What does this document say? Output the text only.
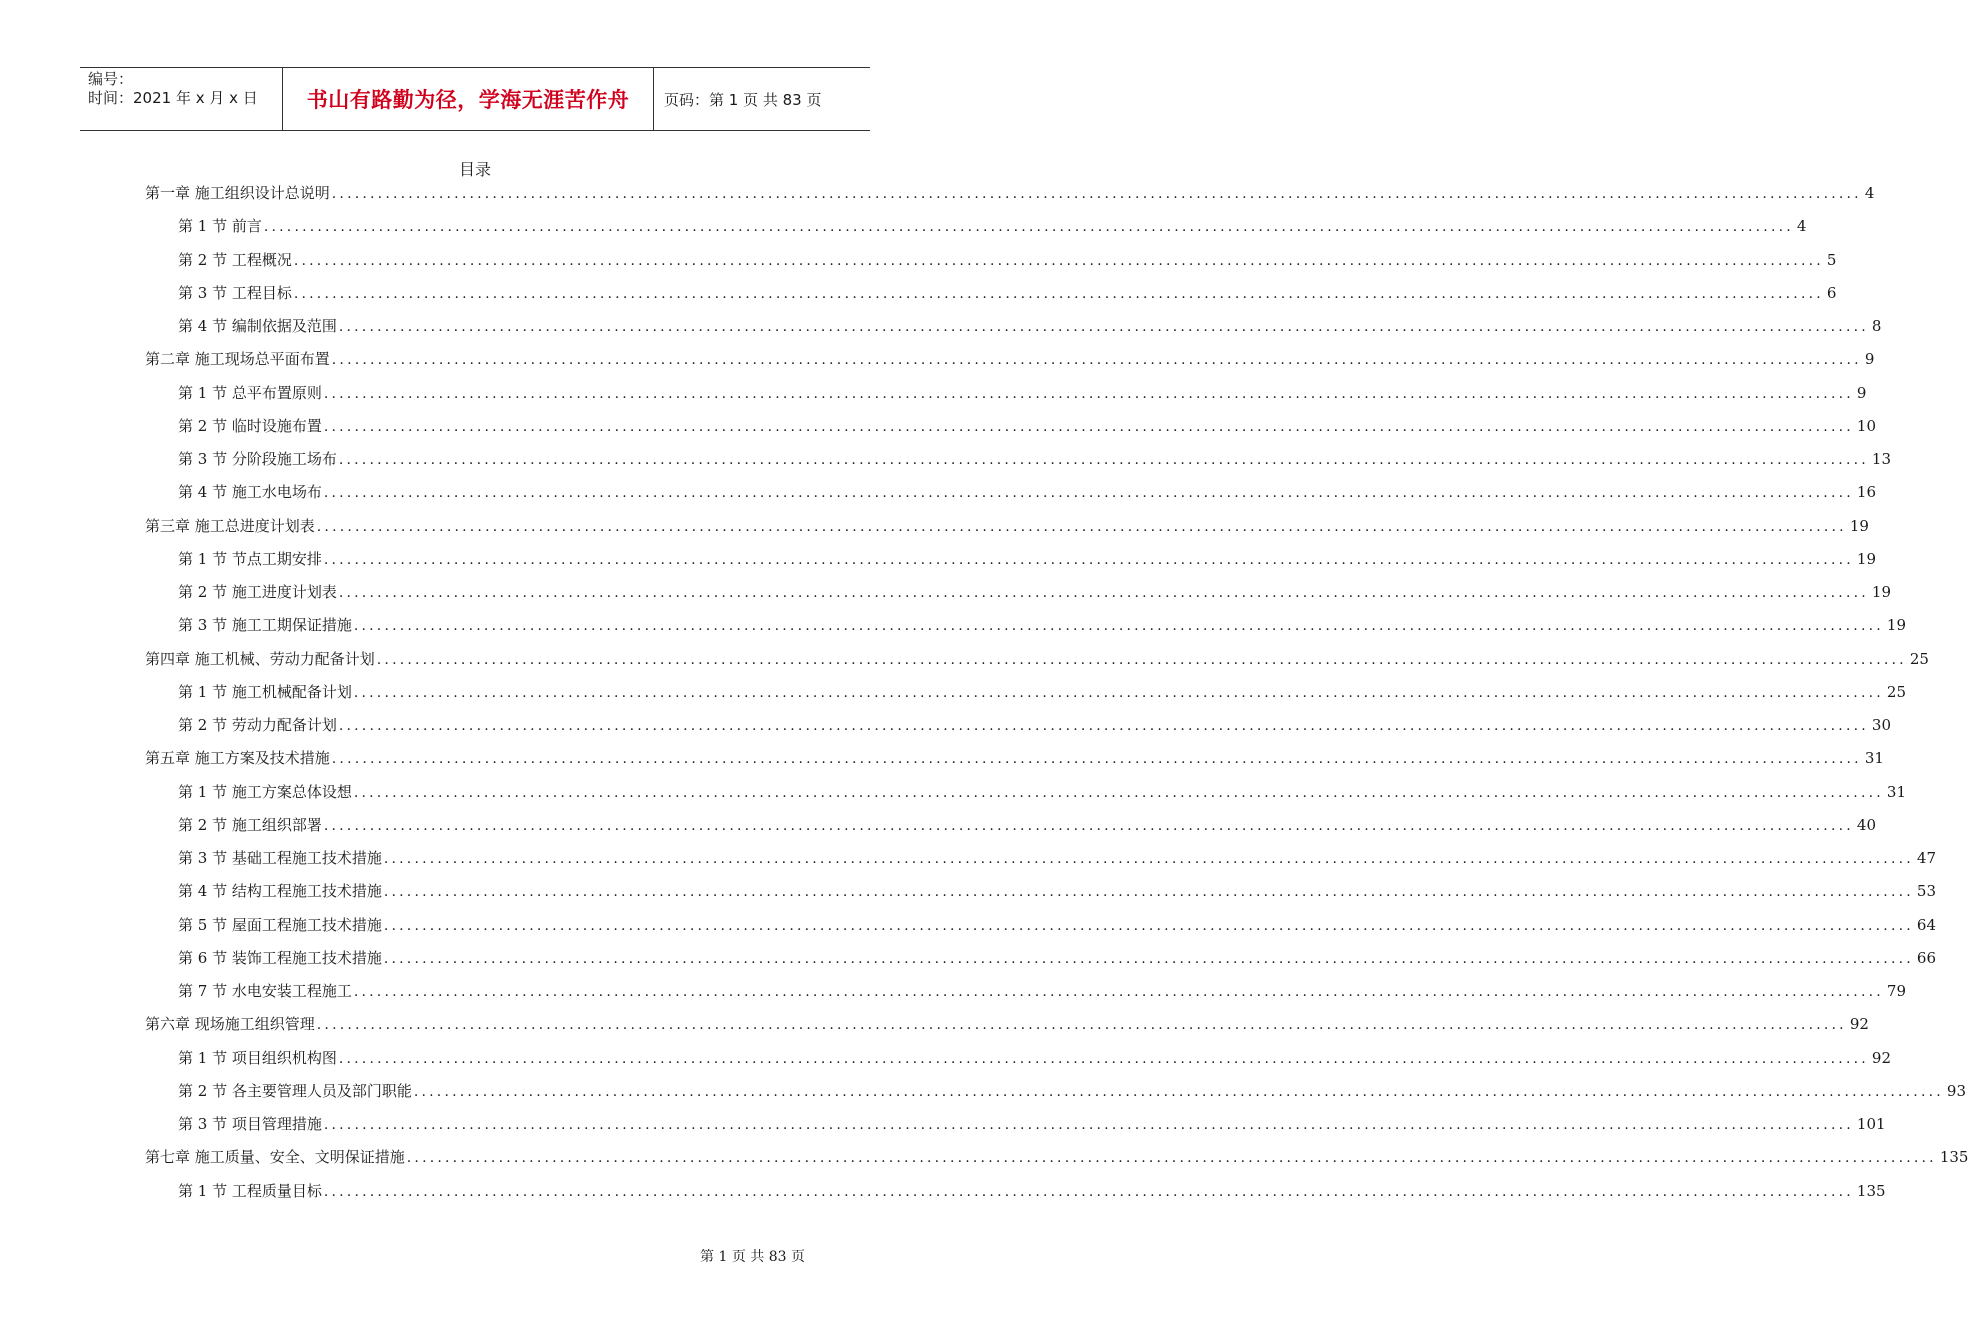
编号：
时间：2021 年 x 月 x 日	书山有路勤为径，学海无涯苦作舟 页码：第 1 页 共 83 页
目录
第一章 施工组织设计总说明 ........................................................................................................................................................................................................ 4
第 1 节 前言 ........................................................................................................................................................................................................ 4
第 2 节 工程概况 ........................................................................................................................................................................................................ 5
第 3 节 工程目标 ........................................................................................................................................................................................................ 6
第 4 节 编制依据及范围 ........................................................................................................................................................................................................ 8
第二章 施工现场总平面布置 ........................................................................................................................................................................................................ 9
第 1 节 总平布置原则 ........................................................................................................................................................................................................ 9
第 2 节 临时设施布置 ........................................................................................................................................................................................................ 10
第 3 节 分阶段施工场布 ........................................................................................................................................................................................................ 13
第 4 节 施工水电场布 ........................................................................................................................................................................................................ 16
第三章 施工总进度计划表 ........................................................................................................................................................................................................ 19
第 1 节 节点工期安排 ........................................................................................................................................................................................................ 19
第 2 节 施工进度计划表 ........................................................................................................................................................................................................ 19
第 3 节 施工工期保证措施 ........................................................................................................................................................................................................ 19
第四章 施工机械、劳动力配备计划 ........................................................................................................................................................................................................ 25
第 1 节 施工机械配备计划 ........................................................................................................................................................................................................ 25
第 2 节 劳动力配备计划 ........................................................................................................................................................................................................ 30
第五章 施工方案及技术措施 ........................................................................................................................................................................................................ 31
第 1 节 施工方案总体设想 ........................................................................................................................................................................................................ 31
第 2 节 施工组织部署 ........................................................................................................................................................................................................ 40
第 3 节 基础工程施工技术措施 ........................................................................................................................................................................................................ 47
第 4 节 结构工程施工技术措施 ........................................................................................................................................................................................................ 53
第 5 节 屋面工程施工技术措施 ........................................................................................................................................................................................................ 64
第 6 节 装饰工程施工技术措施 ........................................................................................................................................................................................................ 66
第 7 节 水电安装工程施工 ........................................................................................................................................................................................................ 79
第六章 现场施工组织管理 ........................................................................................................................................................................................................ 92
第 1 节 项目组织机构图 ........................................................................................................................................................................................................ 92
第 2 节 各主要管理人员及部门职能 ........................................................................................................................................................................................................ 93
第 3 节 项目管理措施 ........................................................................................................................................................................................................ 101
第七章 施工质量、安全、文明保证措施 ........................................................................................................................................................................................................ 135
第 1 节 工程质量目标 ........................................................................................................................................................................................................ 135
第 1 页 共 83 页
